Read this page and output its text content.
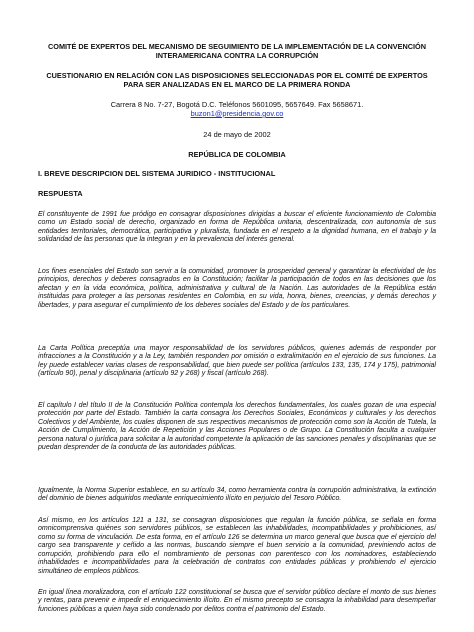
COMITÉ DE EXPERTOS DEL MECANISMO DE SEGUIMIENTO DE LA IMPLEMENTACIÓN DE LA CONVENCIÓN INTERAMERICANA CONTRA LA CORRUPCIÓN
CUESTIONARIO EN RELACIÓN CON LAS DISPOSICIONES SELECCIONADAS POR EL COMITÉ DE EXPERTOS PARA SER ANALIZADAS EN EL MARCO DE LA PRIMERA RONDA
Carrera 8 No. 7-27, Bogotá D.C. Teléfonos 5601095, 5657649. Fax 5658671. buzon1@presidencia.gov.co
24 de mayo de 2002
REPÚBLICA DE COLOMBIA
I. BREVE DESCRIPCION DEL SISTEMA JURIDICO - INSTITUCIONAL
RESPUESTA

El constituyente de 1991 fue pródigo en consagrar disposiciones dirigidas a buscar el eficiente funcionamiento de Colombia como un Estado social de derecho, organizado en forma de República unitaria, descentralizada, con autonomía de sus entidades territoriales, democrática, participativa y pluralista, fundada en el respeto a la dignidad humana, en el trabajo y la solidaridad de las personas que la integran y en la prevalencia del interés general.

Los fines esenciales del Estado son servir a la comunidad, promover la prosperidad general y garantizar la efectividad de los principios, derechos y deberes consagrados en la Constitución; facilitar la participación de todos en las decisiones que los afectan y en la vida económica, política, administrativa y cultural de la Nación. Las autoridades de la República están instituidas para proteger a las personas residentes en Colombia, en su vida, honra, bienes, creencias, y demás derechos y libertades, y para asegurar el cumplimiento de los deberes sociales del Estado y de los particulares.

La Carta Política preceptúa una mayor responsabilidad de los servidores públicos, quienes además de responder por infracciones a la Constitución y a la Ley, también responden por omisión o extralimitación en el ejercicio de sus funciones. La ley puede establecer varias clases de responsabilidad, que bien puede ser política (artículos 133, 135, 174 y 175), patrimonial (artículo 90), penal y disciplinaria (artículo 92 y 268) y fiscal (artículo 268).

El capítulo I del título II de la Constitución Política contempla los derechos fundamentales, los cuales gozan de una especial protección por parte del Estado. También la carta consagra los Derechos Sociales, Económicos y culturales y los derechos Colectivos y del Ambiente, los cuales disponen de sus respectivos mecanismos de protección como son la Acción de Tutela, la Acción de Cumplimiento, la Acción de Repetición y las Acciones Populares o de Grupo. La Constitución faculta a cualquier persona natural o jurídica para solicitar a la autoridad competente la aplicación de las sanciones penales y disciplinarias que se puedan desprender de la conducta de las autoridades públicas.

Igualmente, la Norma Superior establece, en su artículo 34, como herramienta contra la corrupción administrativa, la extinción del dominio de bienes adquiridos mediante enriquecimiento ilícito en perjuicio del Tesoro Público.

Así mismo, en los artículos 121 a 131, se consagran disposiciones que regulan la función pública, se señala en forma omnicomprensiva quiénes son servidores públicos, se establecen las inhabilidades, incompatibilidades y prohibiciones, así como su forma de vinculación. De esta forma, en el artículo 126 se determina un marco general que busca que el ejercicio del cargo sea transparente y ceñido a las normas, buscando siempre el buen servicio a la comunidad, previniendo actos de corrupción, prohibiendo para ello el nombramiento de personas con parentesco con los nominadores, estableciendo inhabilidades e incompatibilidades para la celebración de contratos con entidades públicas y prohibiendo el ejercicio simultáneo de empleos públicos.

En igual línea moralizadora, con el artículo 122 constitucional se busca que el servidor público declare el monto de sus bienes y rentas, para prevenir e impedir el enriquecimiento ilícito. En el mismo precepto se consagra la inhabilidad para desempeñar funciones públicas a quien haya sido condenado por delitos contra el patrimonio del Estado.
